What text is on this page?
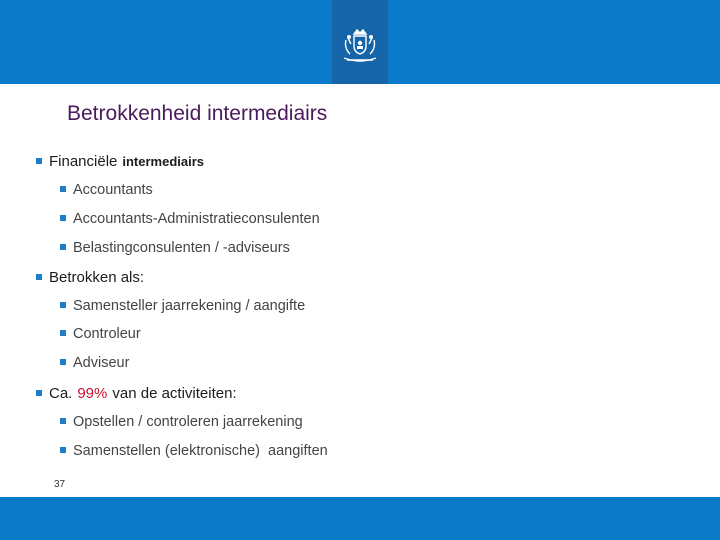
Betrokkenheid intermediairs
Financiële intermediairs
Accountants
Accountants-Administratieconsulenten
Belastingconsulenten / -adviseurs
Betrokken als:
Samensteller jaarrekening / aangifte
Controleur
Adviseur
Ca. 99% van de activiteiten:
Opstellen / controleren jaarrekening
Samenstellen (elektronische)  aangiften
37
